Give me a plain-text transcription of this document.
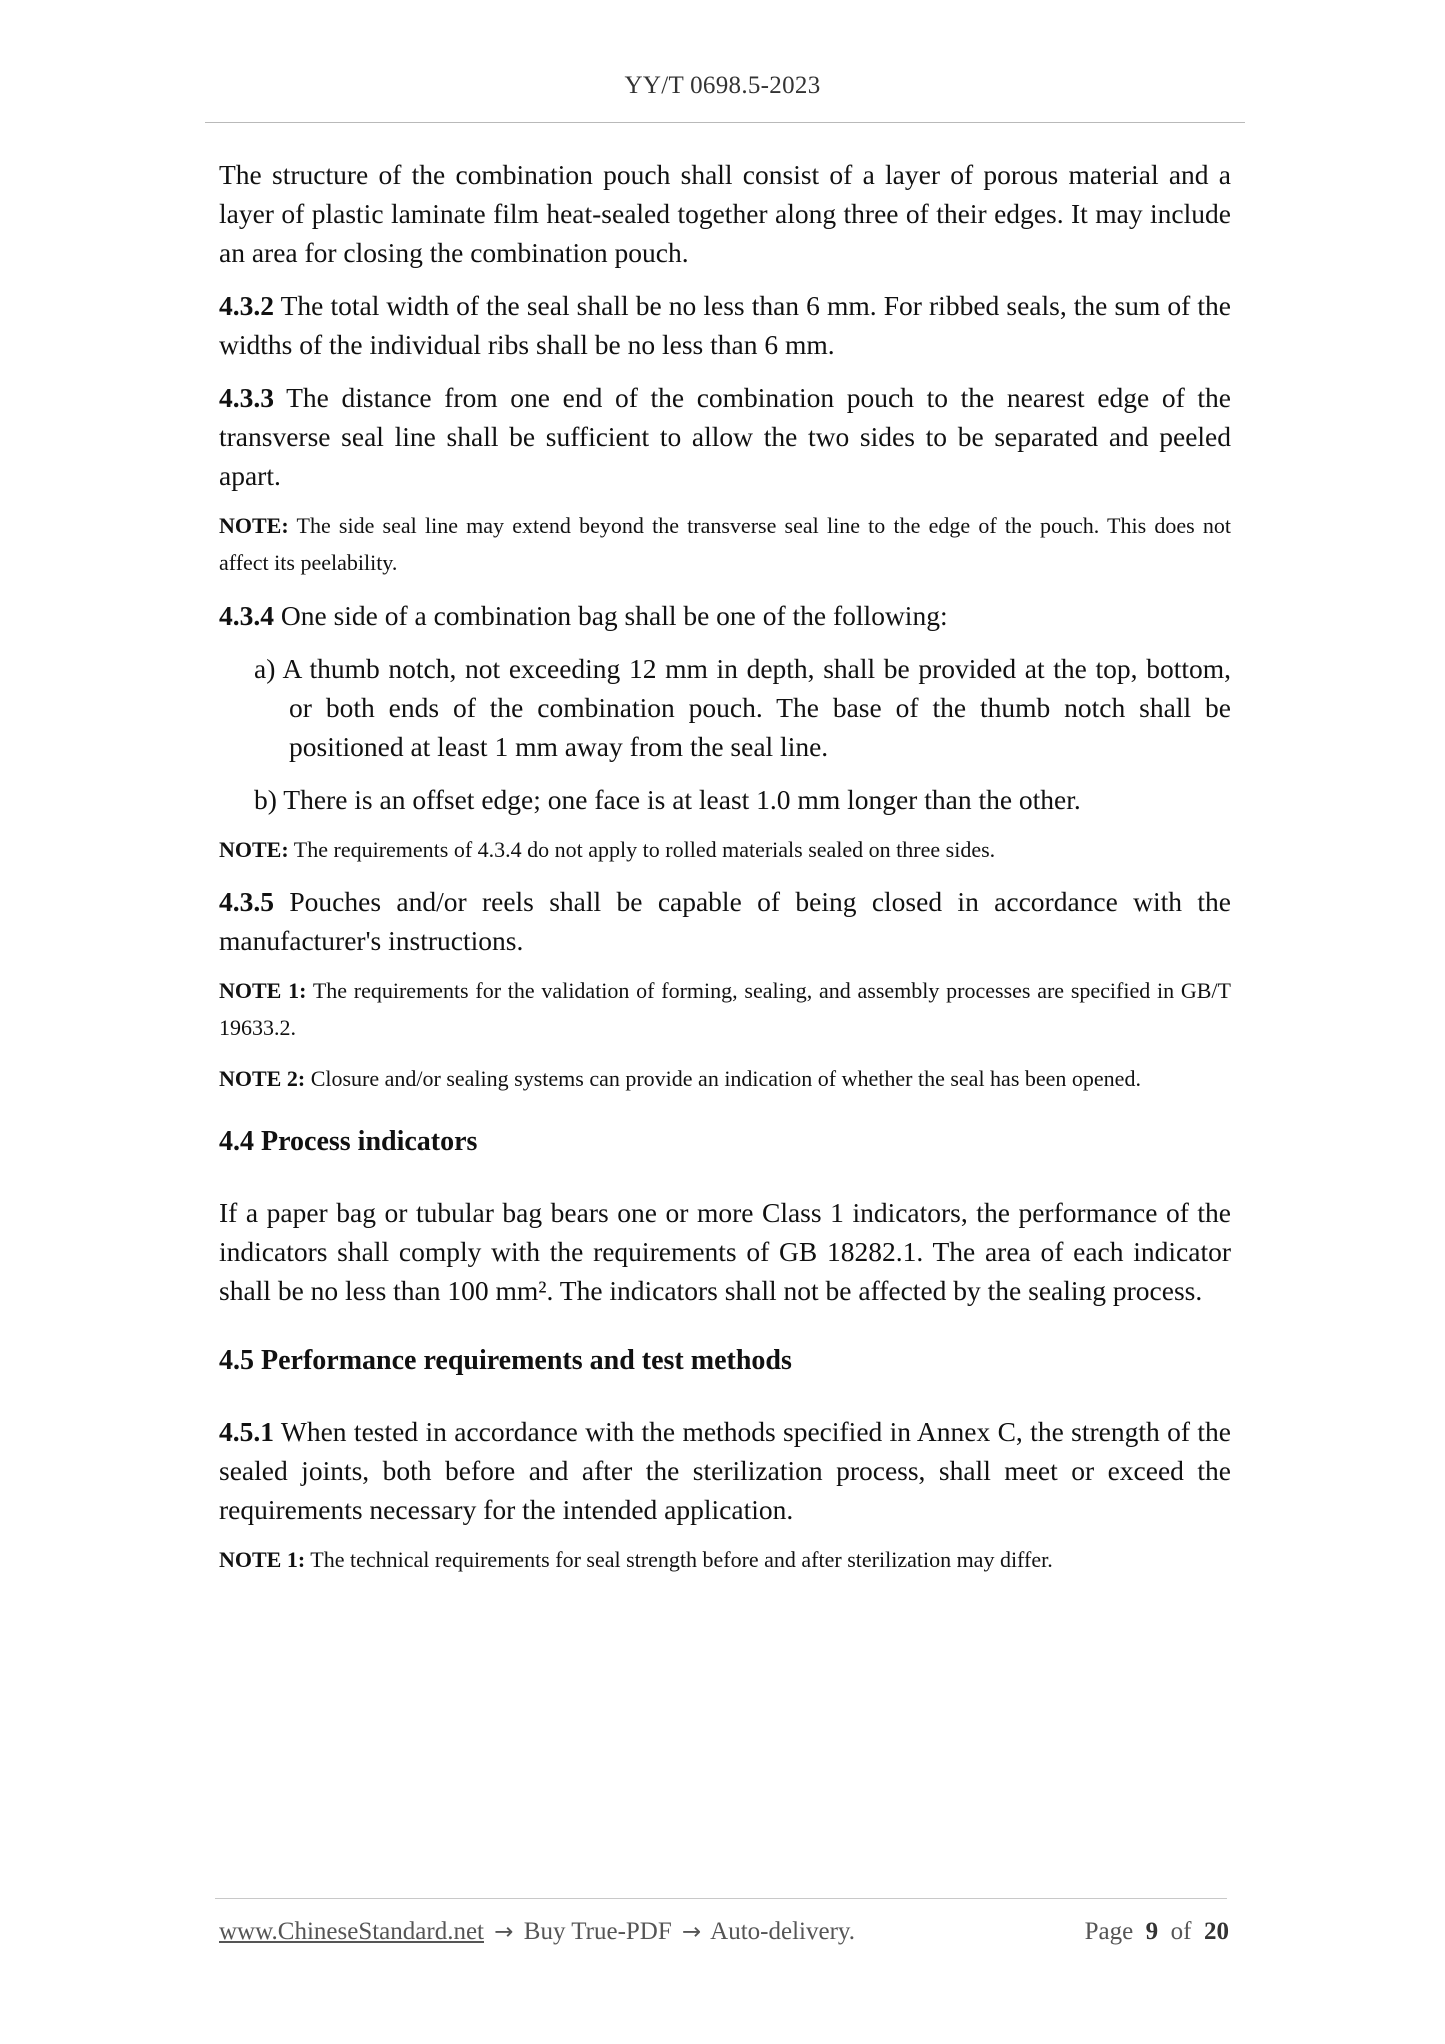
YY/T 0698.5-2023

The structure of the combination pouch shall consist of a layer of porous material and a layer of plastic laminate film heat-sealed together along three of their edges. It may include an area for closing the combination pouch.

4.3.2 The total width of the seal shall be no less than 6 mm. For ribbed seals, the sum of the widths of the individual ribs shall be no less than 6 mm.

4.3.3 The distance from one end of the combination pouch to the nearest edge of the transverse seal line shall be sufficient to allow the two sides to be separated and peeled apart.

NOTE: The side seal line may extend beyond the transverse seal line to the edge of the pouch. This does not affect its peelability.

4.3.4 One side of a combination bag shall be one of the following:

a) A thumb notch, not exceeding 12 mm in depth, shall be provided at the top, bottom, or both ends of the combination pouch. The base of the thumb notch shall be positioned at least 1 mm away from the seal line.

b) There is an offset edge; one face is at least 1.0 mm longer than the other.

NOTE: The requirements of 4.3.4 do not apply to rolled materials sealed on three sides.

4.3.5 Pouches and/or reels shall be capable of being closed in accordance with the manufacturer's instructions.

NOTE 1: The requirements for the validation of forming, sealing, and assembly processes are specified in GB/T 19633.2.

NOTE 2: Closure and/or sealing systems can provide an indication of whether the seal has been opened.

4.4 Process indicators

If a paper bag or tubular bag bears one or more Class 1 indicators, the performance of the indicators shall comply with the requirements of GB 18282.1. The area of each indicator shall be no less than 100 mm². The indicators shall not be affected by the sealing process.

4.5 Performance requirements and test methods

4.5.1 When tested in accordance with the methods specified in Annex C, the strength of the sealed joints, both before and after the sterilization process, shall meet or exceed the requirements necessary for the intended application.

NOTE 1: The technical requirements for seal strength before and after sterilization may differ.

www.ChineseStandard.net → Buy True-PDF → Auto-delivery.	Page 9 of 20
